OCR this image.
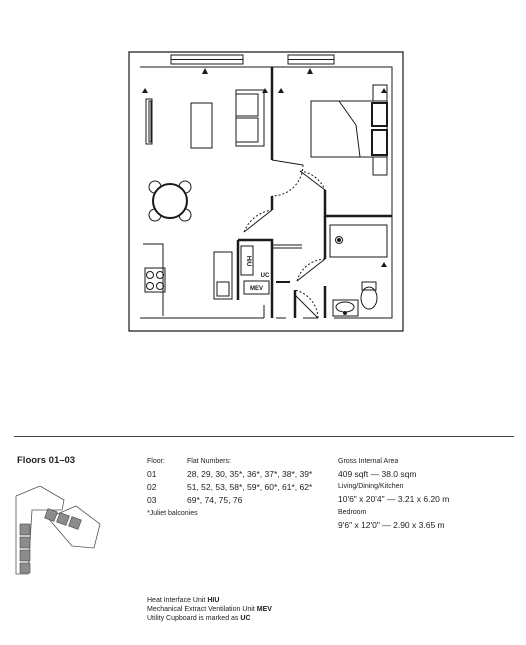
HIU
UC
MEV
Floors 01–03	Floor:	Flat Numbers:
01	28, 29, 30, 35*, 36*, 37*, 38*, 39*
02	51, 52, 53, 58*, 59*, 60*, 61*, 62*
03	69*, 74, 75, 76
*Juliet balconies
Gross Internal Area
409 sqft — 38.0 sqm
Living/Dining/Kitchen
10'6" x 20'4" — 3.21 x 6.20 m
Bedroom
9'6" x 12'0" — 2.90 x 3.65 m
Heat Interface Unit HIU
Mechanical Extract Ventilation Unit MEV
Utility Cupboard is marked as UC
